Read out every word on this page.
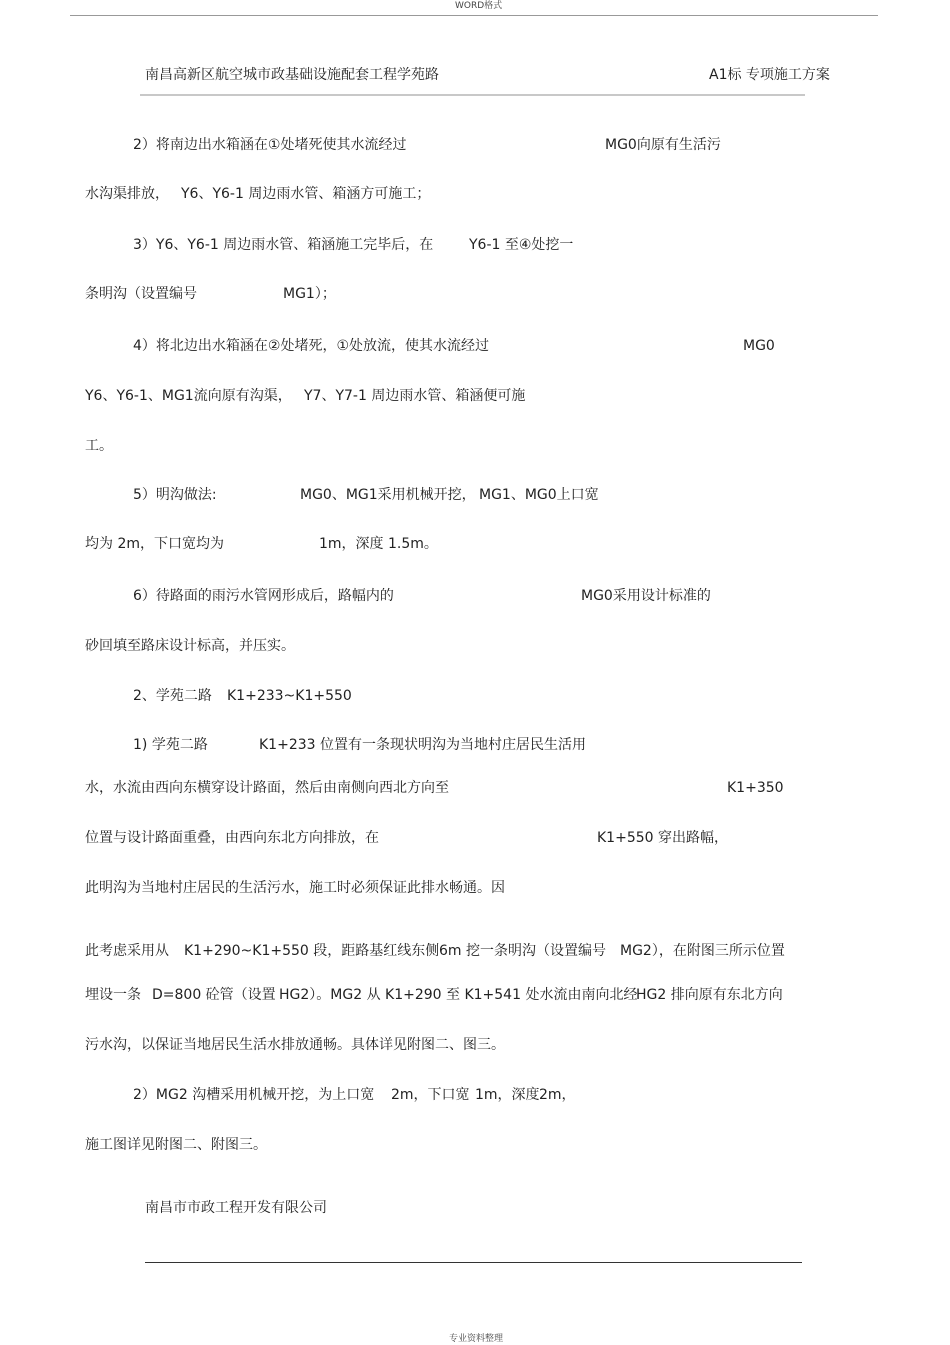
WORD格式
南昌高新区航空城市政基础设施配套工程学苑路	A1标 专项施工方案
2）将南边出水箱涵在①处堵死使其水流经过	MG0向原有生活污
水沟渠排放， Y6、Y6-1 周边雨水管、箱涵方可施工；
3）Y6、Y6-1 周边雨水管、箱涵施工完毕后，在	Y6-1 至④处挖一
条明沟（设置编号	MG1）；
4）将北边出水箱涵在②处堵死，①处放流，使其水流经过	MG0
Y6、Y6-1、MG1流向原有沟渠， Y7、Y7-1 周边雨水管、箱涵便可施
工。
5）明沟做法:	MG0、MG1采用机械开挖， MG1、MG0上口宽
均为 2m，下口宽均为	1m，深度 1.5m。
6）待路面的雨污水管网形成后，路幅内的	MG0采用设计标准的
砂回填至路床设计标高，并压实。
2、学苑二路 K1+233~K1+550
1) 学苑二路	K1+233 位置有一条现状明沟为当地村庄居民生活用
水，水流由西向东横穿设计路面，然后由南侧向西北方向至	K1+350
位置与设计路面重叠，由西向东北方向排放，在	K1+550 穿出路幅，
此明沟为当地村庄居民的生活污水，施工时必须保证此排水畅通。因
此考虑采用从 K1+290~K1+550 段，距路基红线东侧 6m 挖一条明沟（设置编号 MG2），在附图三所示位置
埋设一条 D=800 砼管（设置 HG2）。MG2 从 K1+290 至 K1+541 处水流由南向北经
HG2 排向原有东北方向
污水沟，以保证当地居民生活水排放通畅。具体详见附图二、图三。
2）MG2 沟槽采用机械开挖，为上口宽 2m，下口宽 1m，深度 2m，
施工图详见附图二、附图三。
南昌市市政工程开发有限公司
专业资料整理
